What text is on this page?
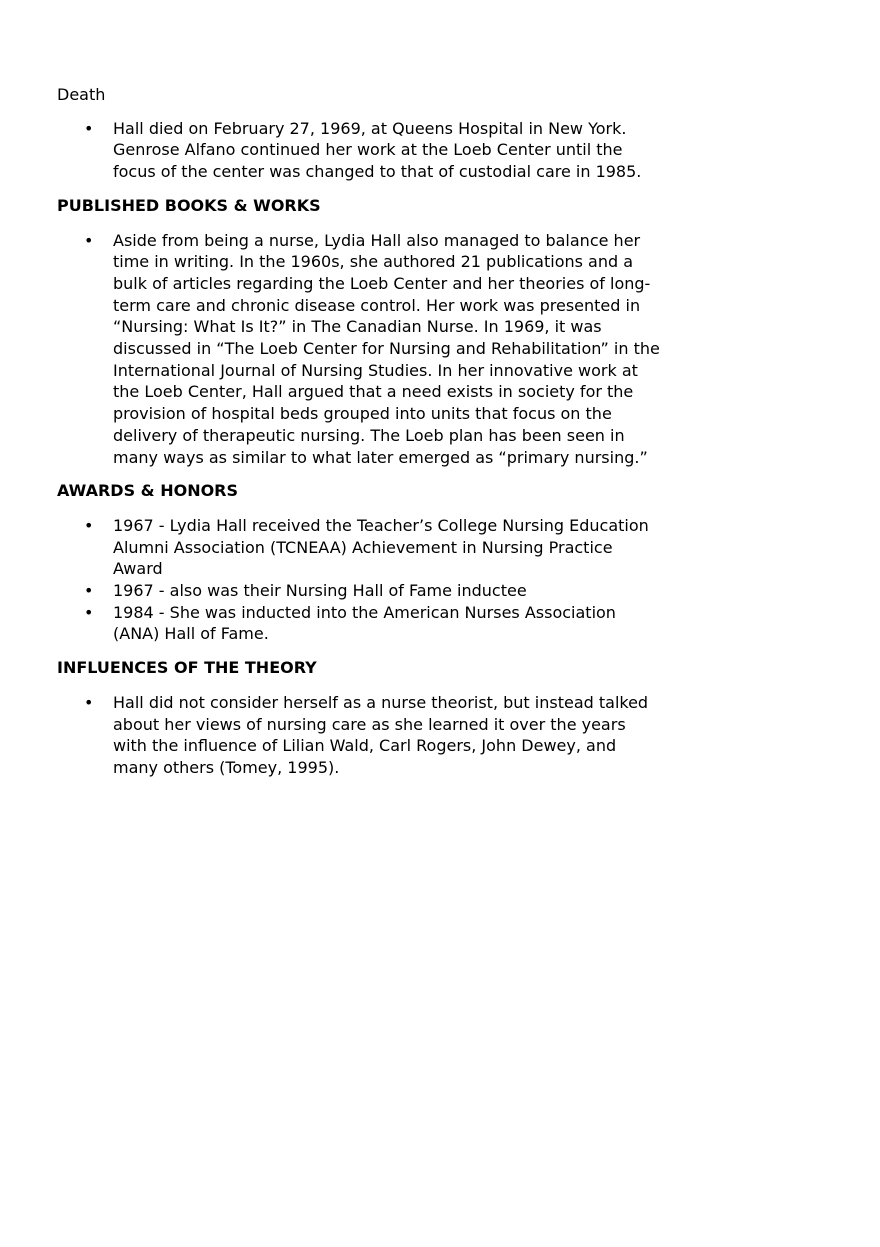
Death

• Hall died on February 27, 1969, at Queens Hospital in New York. Genrose Alfano continued her work at the Loeb Center until the focus of the center was changed to that of custodial care in 1985.
PUBLISHED BOOKS & WORKS
• Aside from being a nurse, Lydia Hall also managed to balance her time in writing. In the 1960s, she authored 21 publications and a bulk of articles regarding the Loeb Center and her theories of long-term care and chronic disease control. Her work was presented in “Nursing: What Is It?” in The Canadian Nurse. In 1969, it was discussed in “The Loeb Center for Nursing and Rehabilitation” in the International Journal of Nursing Studies. In her innovative work at the Loeb Center, Hall argued that a need exists in society for the provision of hospital beds grouped into units that focus on the delivery of therapeutic nursing. The Loeb plan has been seen in many ways as similar to what later emerged as “primary nursing.”
AWARDS & HONORS
• 1967 - Lydia Hall received the Teacher’s College Nursing Education Alumni Association (TCNEAA) Achievement in Nursing Practice Award
• 1967 - also was their Nursing Hall of Fame inductee
• 1984 - She was inducted into the American Nurses Association (ANA) Hall of Fame.
INFLUENCES OF THE THEORY
• Hall did not consider herself as a nurse theorist, but instead talked about her views of nursing care as she learned it over the years with the influence of Lilian Wald, Carl Rogers, John Dewey, and many others (Tomey, 1995).
